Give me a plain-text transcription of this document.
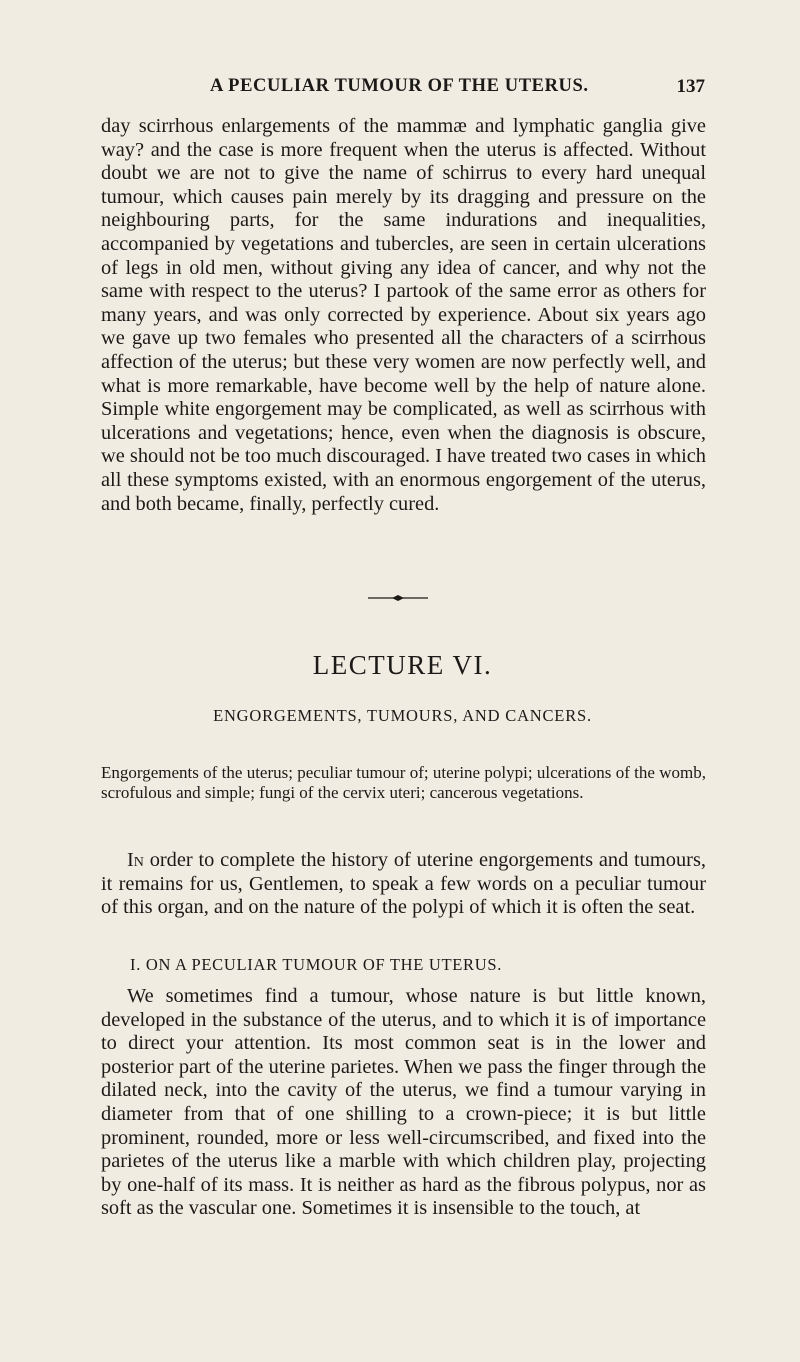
A PECULIAR TUMOUR OF THE UTERUS.	137

day scirrhous enlargements of the mammæ and lymphatic ganglia give way? and the case is more frequent when the uterus is affected. Without doubt we are not to give the name of schirrus to every hard unequal tumour, which causes pain merely by its dragging and pressure on the neighbouring parts, for the same indurations and inequalities, accompanied by vegetations and tubercles, are seen in certain ulcerations of legs in old men, without giving any idea of cancer, and why not the same with respect to the uterus? I partook of the same error as others for many years, and was only corrected by experience. About six years ago we gave up two females who presented all the characters of a scirrhous affection of the uterus; but these very women are now perfectly well, and what is more remarkable, have become well by the help of nature alone. Simple white engorgement may be complicated, as well as scirrhous with ulcerations and vegetations; hence, even when the diagnosis is obscure, we should not be too much discouraged. I have treated two cases in which all these symptoms existed, with an enormous engorgement of the uterus, and both became, finally, perfectly cured.

LECTURE VI.
ENGORGEMENTS, TUMOURS, AND CANCERS.

Engorgements of the uterus; peculiar tumour of; uterine polypi; ulcerations of the womb, scrofulous and simple; fungi of the cervix uteri; cancerous vegetations.

In order to complete the history of uterine engorgements and tumours, it remains for us, Gentlemen, to speak a few words on a peculiar tumour of this organ, and on the nature of the polypi of which it is often the seat.

I. ON A PECULIAR TUMOUR OF THE UTERUS.

We sometimes find a tumour, whose nature is but little known, developed in the substance of the uterus, and to which it is of importance to direct your attention. Its most common seat is in the lower and posterior part of the uterine parietes. When we pass the finger through the dilated neck, into the cavity of the uterus, we find a tumour varying in diameter from that of one shilling to a crown-piece; it is but little prominent, rounded, more or less well-circumscribed, and fixed into the parietes of the uterus like a marble with which children play, projecting by one-half of its mass. It is neither as hard as the fibrous polypus, nor as soft as the vascular one. Sometimes it is insensible to the touch, at
